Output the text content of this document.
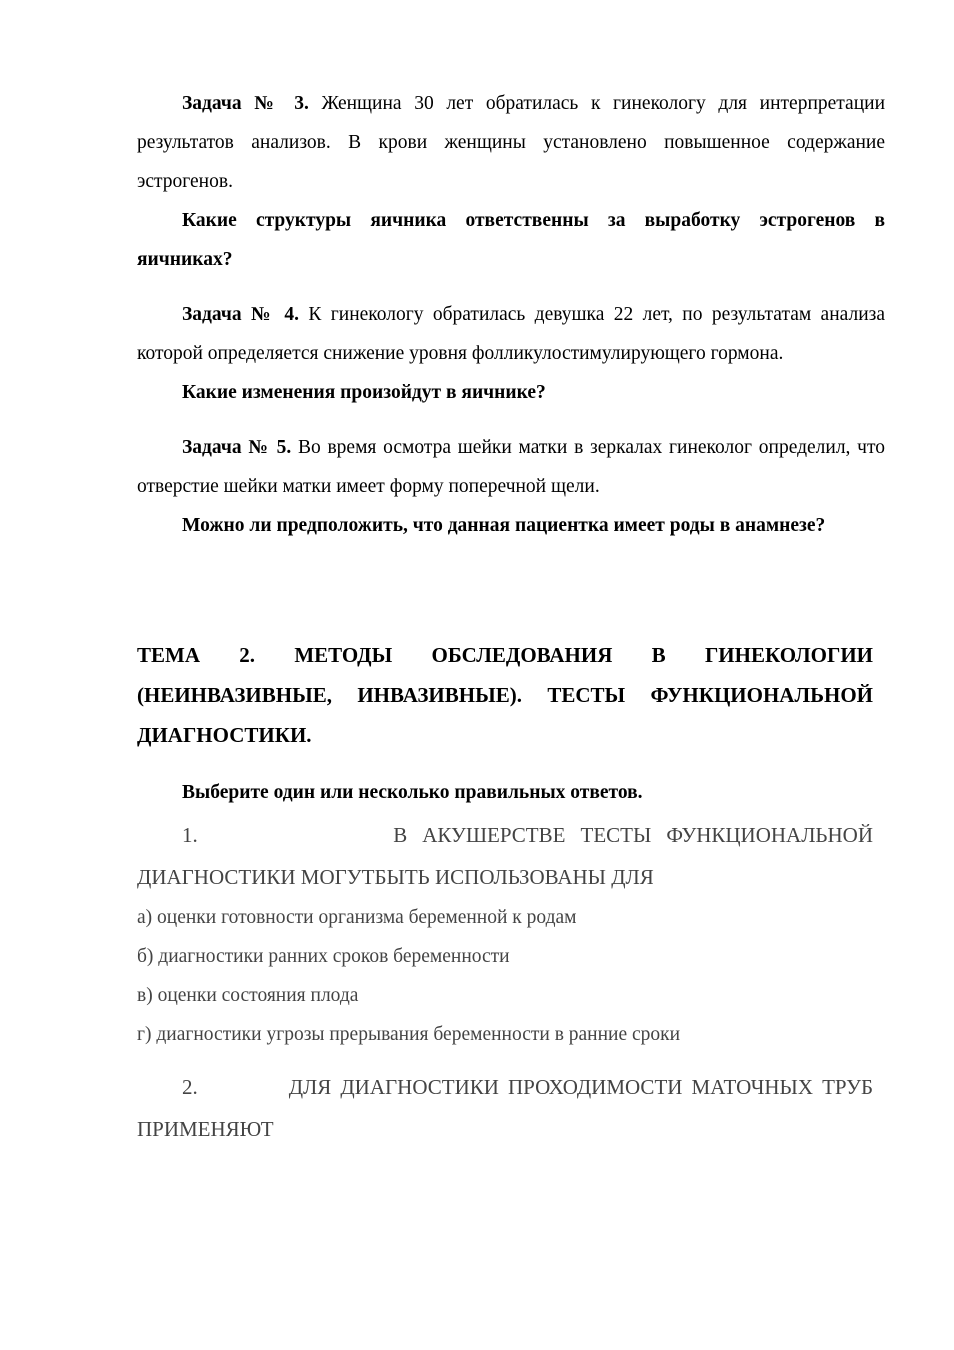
Задача № 3. Женщина 30 лет обратилась к гинекологу для интерпретации результатов анализов. В крови женщины установлено повышенное содержание эстрогенов.

Какие структуры яичника ответственны за выработку эстрогенов в яичниках?

Задача № 4. К гинекологу обратилась девушка 22 лет, по результатам анализа которой определяется снижение уровня фолликулостимулирующего гормона.

Какие изменения произойдут в яичнике?

Задача № 5. Во время осмотра шейки матки в зеркалах гинеколог определил, что отверстие шейки матки имеет форму поперечной щели.

Можно ли предположить, что данная пациентка имеет роды в анамнезе?

ТЕМА 2. МЕТОДЫ ОБСЛЕДОВАНИЯ В ГИНЕКОЛОГИИ (НЕИНВАЗИВНЫЕ, ИНВАЗИВНЫЕ). ТЕСТЫ ФУНКЦИОНАЛЬНОЙ ДИАГНОСТИКИ.

Выберите один или несколько правильных ответов.

1.	В АКУШЕРСТВЕ ТЕСТЫ ФУНКЦИОНАЛЬНОЙ
ДИАГНОСТИКИ МОГУТБЫТЬ ИСПОЛЬЗОВАНЫ ДЛЯ

а) оценки готовности организма беременной к родам

б) диагностики ранних сроков беременности

в) оценки состояния плода

г) диагностики угрозы прерывания беременности в ранние сроки

2.	ДЛЯ ДИАГНОСТИКИ ПРОХОДИМОСТИ МАТОЧНЫХ ТРУБ
ПРИМЕНЯЮТ
